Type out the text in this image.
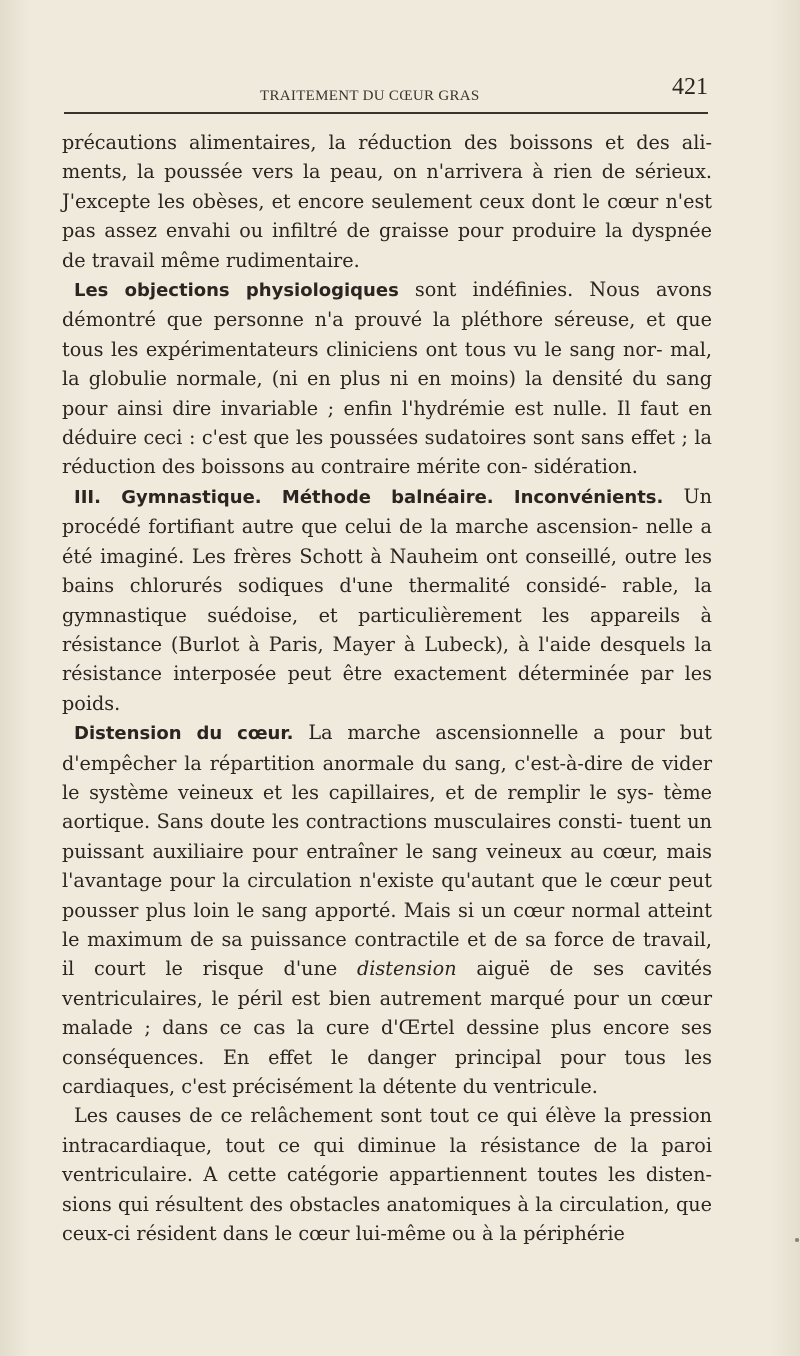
TRAITEMENT DU CŒUR GRAS	421

précautions alimentaires, la réduction des boissons et des ali- ments, la poussée vers la peau, on n'arrivera à rien de sérieux. J'excepte les obèses, et encore seulement ceux dont le cœur n'est pas assez envahi ou infiltré de graisse pour produire la dyspnée de travail même rudimentaire.

Les objections physiologiques sont indéfinies. Nous avons démontré que personne n'a prouvé la pléthore séreuse, et que tous les expérimentateurs cliniciens ont tous vu le sang nor- mal, la globulie normale, (ni en plus ni en moins) la densité du sang pour ainsi dire invariable ; enfin l'hydrémie est nulle. Il faut en déduire ceci : c'est que les poussées sudatoires sont sans effet ; la réduction des boissons au contraire mérite con- sidération.

III. Gymnastique. Méthode balnéaire. Inconvénients. Un procédé fortifiant autre que celui de la marche ascension- nelle a été imaginé. Les frères Schott à Nauheim ont conseillé, outre les bains chlorurés sodiques d'une thermalité considé- rable, la gymnastique suédoise, et particulièrement les appareils à résistance (Burlot à Paris, Mayer à Lubeck), à l'aide desquels la résistance interposée peut être exactement déterminée par les poids.

Distension du cœur. La marche ascensionnelle a pour but d'empêcher la répartition anormale du sang, c'est-à-dire de vider le système veineux et les capillaires, et de remplir le sys- tème aortique. Sans doute les contractions musculaires consti- tuent un puissant auxiliaire pour entraîner le sang veineux au cœur, mais l'avantage pour la circulation n'existe qu'autant que le cœur peut pousser plus loin le sang apporté. Mais si un cœur normal atteint le maximum de sa puissance contractile et de sa force de travail, il court le risque d'une distension aiguë de ses cavités ventriculaires, le péril est bien autrement marqué pour un cœur malade ; dans ce cas la cure d'Œrtel dessine plus encore ses conséquences. En effet le danger principal pour tous les cardiaques, c'est précisément la détente du ventricule.

Les causes de ce relâchement sont tout ce qui élève la pression intracardiaque, tout ce qui diminue la résistance de la paroi ventriculaire. A cette catégorie appartiennent toutes les disten- sions qui résultent des obstacles anatomiques à la circulation, que ceux-ci résident dans le cœur lui-même ou à la périphérie
